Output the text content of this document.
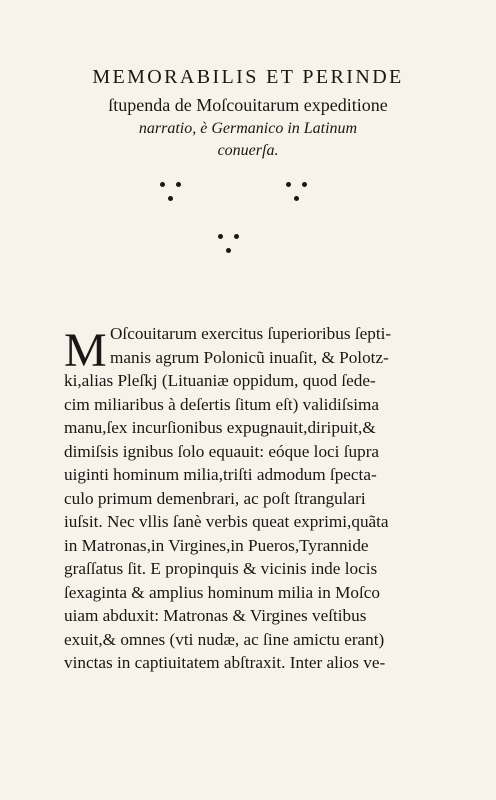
MEMORABILIS ET PERINDE
ſtupenda de Moſcouitarum expeditione
narratio, è Germanico in Latinum
conuerſa.
M Oſcouitarum exercitus ſuperioribus ſepti-
manis agrum Polonicũ inuaſit, & Polotz-
ki,alias Pleſkj (Lituaniæ oppidum, quod ſede-
cim miliaribus à deſertis ſitum eſt) validiſsima
manu,ſex incurſionibus expugnauit,diripuit,&
dimiſsis ignibus ſolo equauit: eóque loci ſupra
uiginti hominum milia,triſti admodum ſpecta-
culo primum demenbrari, ac poſt ſtrangulari
iuſsit. Nec vllis ſanè verbis queat exprimi,quãta
in Matronas,in Virgines,in Pueros,Tyrannide
graſſatus ſit. E propinquis & vicinis inde locis
ſexaginta & amplius hominum milia in Moſco
uiam abduxit: Matronas & Virgines veſtibus
exuit,& omnes (vti nudæ, ac ſine amictu erant)
vinctas in captiuitatem abſtraxit. Inter alios ve-
